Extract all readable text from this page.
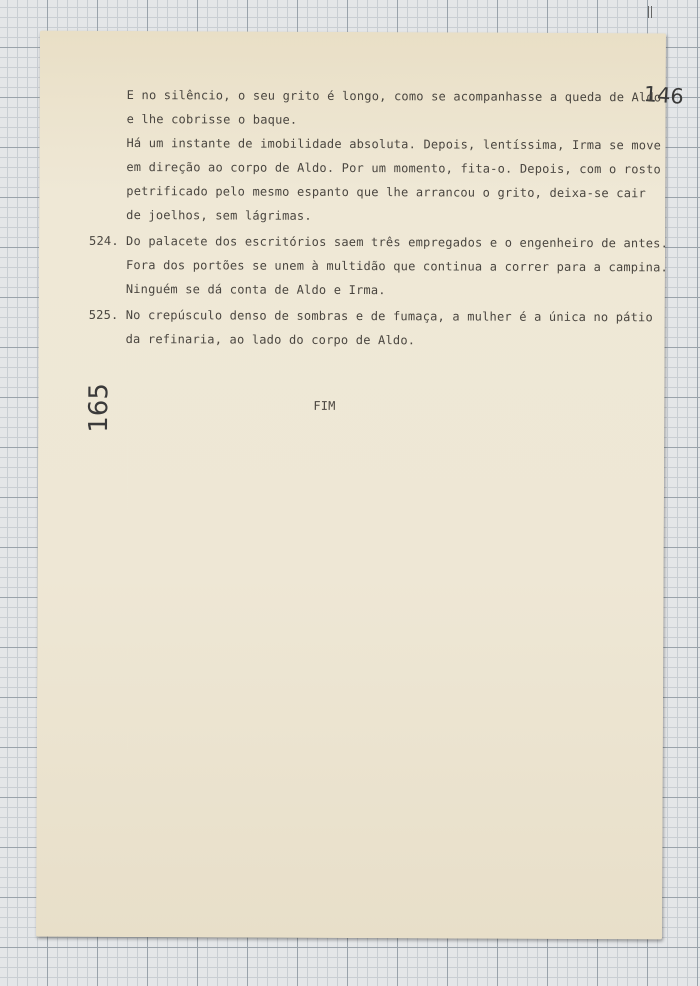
146
165
E no silêncio, o seu grito é longo, como se acompanhasse a queda de Aldo
e lhe cobrisse o baque.
Há um instante de imobilidade absoluta. Depois, lentíssima, Irma se move
em direção ao corpo de Aldo. Por um momento, fita-o. Depois, com o rosto
petrificado pelo mesmo espanto que lhe arrancou o grito, deixa-se cair
de joelhos, sem lágrimas.
524. Do palacete dos escritórios saem três empregados e o engenheiro de antes.
Fora dos portões se unem à multidão que continua a correr para a campina.
Ninguém se dá conta de Aldo e Irma.
525. No crepúsculo denso de sombras e de fumaça, a mulher é a única no pátio
da refinaria, ao lado do corpo de Aldo.
FIM
